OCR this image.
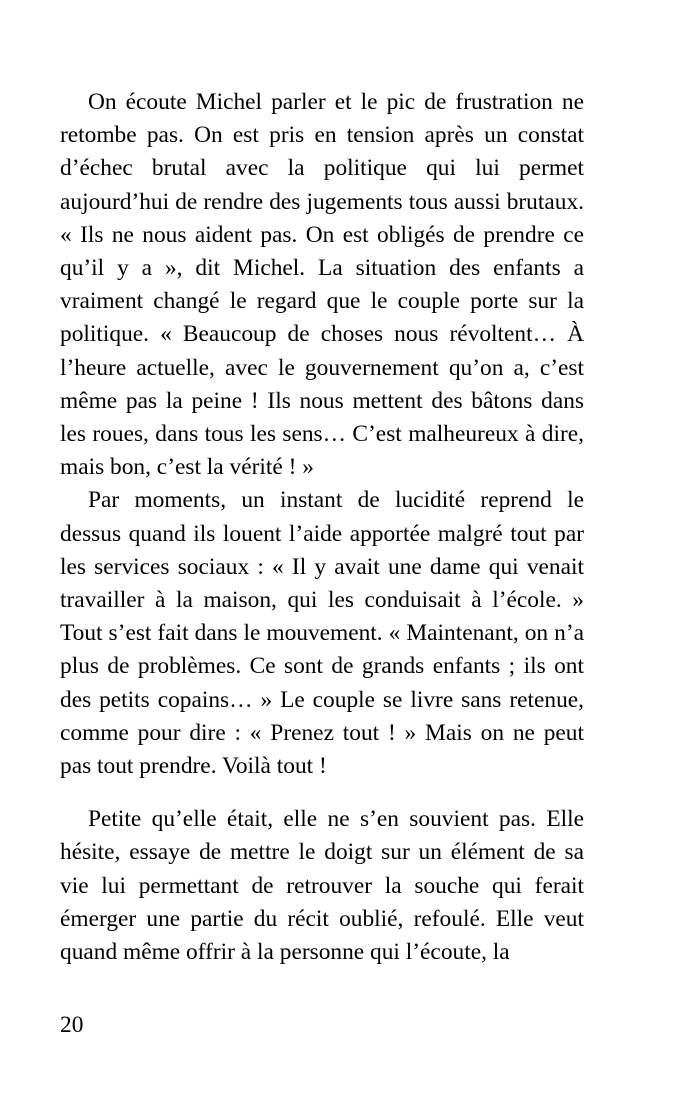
On écoute Michel parler et le pic de frustration ne retombe pas. On est pris en tension après un constat d’échec brutal avec la politique qui lui permet aujourd’hui de rendre des jugements tous aussi brutaux. « Ils ne nous aident pas. On est obligés de prendre ce qu’il y a », dit Michel. La situation des enfants a vraiment changé le regard que le couple porte sur la politique. « Beaucoup de choses nous révoltent… À l’heure actuelle, avec le gouvernement qu’on a, c’est même pas la peine ! Ils nous mettent des bâtons dans les roues, dans tous les sens… C’est malheureux à dire, mais bon, c’est la vérité ! »

Par moments, un instant de lucidité reprend le dessus quand ils louent l’aide apportée malgré tout par les services sociaux : « Il y avait une dame qui venait travailler à la maison, qui les conduisait à l’école. » Tout s’est fait dans le mouvement. « Maintenant, on n’a plus de problèmes. Ce sont de grands enfants ; ils ont des petits copains… » Le couple se livre sans retenue, comme pour dire : « Prenez tout ! » Mais on ne peut pas tout prendre. Voilà tout !

Petite qu’elle était, elle ne s’en souvient pas. Elle hésite, essaye de mettre le doigt sur un élément de sa vie lui permettant de retrouver la souche qui ferait émerger une partie du récit oublié, refoulé. Elle veut quand même offrir à la personne qui l’écoute, la

20
